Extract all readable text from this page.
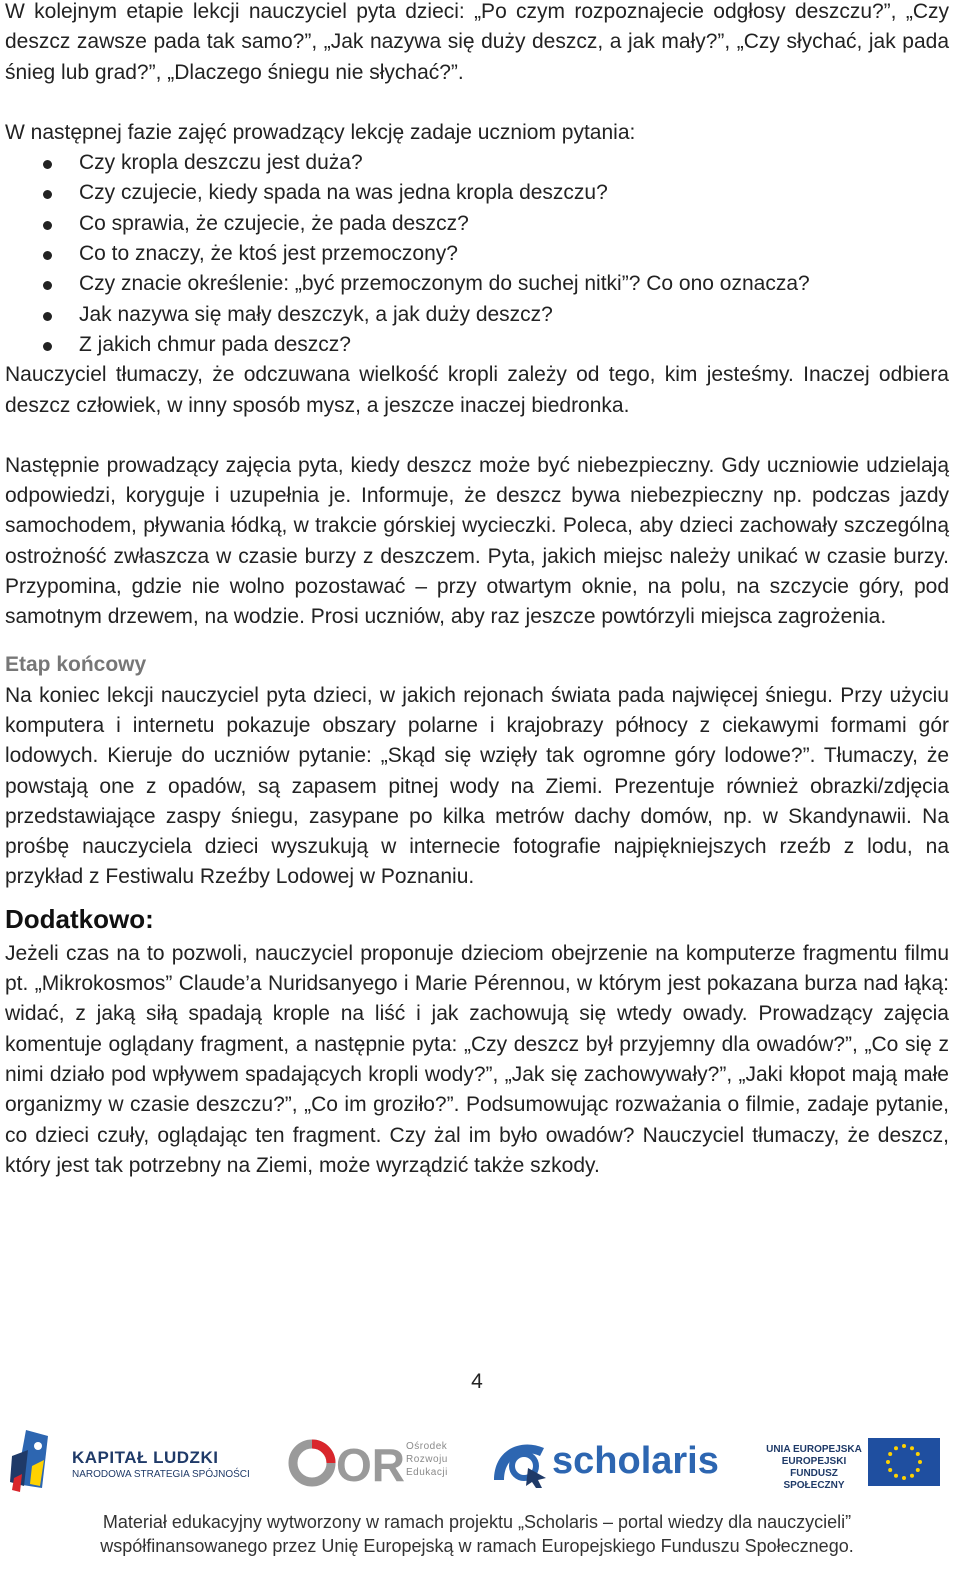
W kolejnym etapie lekcji nauczyciel pyta dzieci: „Po czym rozpoznajecie odgłosy deszczu?”, „Czy deszcz zawsze pada tak samo?”, „Jak nazywa się duży deszcz, a jak mały?”, „Czy słychać, jak pada śnieg lub grad?”, „Dlaczego śniegu nie słychać?”.

W następnej fazie zajęć prowadzący lekcję zadaje uczniom pytania:

Czy kropla deszczu jest duża?
Czy czujecie, kiedy spada na was jedna kropla deszczu?
Co sprawia, że czujecie, że pada deszcz?
Co to znaczy, że ktoś jest przemoczony?
Czy znacie określenie: „być przemoczonym do suchej nitki”? Co ono oznacza?
Jak nazywa się mały deszczyk, a jak duży deszcz?
Z jakich chmur pada deszcz?

Nauczyciel tłumaczy, że odczuwana wielkość kropli zależy od tego, kim jesteśmy. Inaczej odbiera deszcz człowiek, w inny sposób mysz, a jeszcze inaczej biedronka.

Następnie prowadzący zajęcia pyta, kiedy deszcz może być niebezpieczny. Gdy uczniowie udzielają odpowiedzi, koryguje i uzupełnia je. Informuje, że deszcz bywa niebezpieczny np. podczas jazdy samochodem, pływania łódką, w trakcie górskiej wycieczki. Poleca, aby dzieci zachowały szczególną ostrożność zwłaszcza w czasie burzy z deszczem. Pyta, jakich miejsc należy unikać w czasie burzy. Przypomina, gdzie nie wolno pozostawać – przy otwartym oknie, na polu, na szczycie góry, pod samotnym drzewem, na wodzie. Prosi uczniów, aby raz jeszcze powtórzyli miejsca zagrożenia.

Etap końcowy

Na koniec lekcji nauczyciel pyta dzieci, w jakich rejonach świata pada najwięcej śniegu. Przy użyciu komputera i internetu pokazuje obszary polarne i krajobrazy północy z ciekawymi formami gór lodowych. Kieruje do uczniów pytanie: „Skąd się wzięły tak ogromne góry lodowe?”. Tłumaczy, że powstają one z opadów, są zapasem pitnej wody na Ziemi. Prezentuje również obrazki/zdjęcia przedstawiające zaspy śniegu, zasypane po kilka metrów dachy domów, np. w Skandynawii. Na prośbę nauczyciela dzieci wyszukują w internecie fotografie najpiękniejszych rzeźb z lodu, na przykład z Festiwalu Rzeźby Lodowej w Poznaniu.

Dodatkowo:

Jeżeli czas na to pozwoli, nauczyciel proponuje dzieciom obejrzenie na komputerze fragmentu filmu pt. „Mikrokosmos” Claude’a Nuridsanyego i Marie Pérennou, w którym jest pokazana burza nad łąką: widać, z jaką siłą spadają krople na liść i jak zachowują się wtedy owady. Prowadzący zajęcia komentuje oglądany fragment, a następnie pyta: „Czy deszcz był przyjemny dla owadów?”, „Co się z nimi działo pod wpływem spadających kropli wody?”, „Jak się zachowywały?”, „Jaki kłopot mają małe organizmy w czasie deszczu?”, „Co im groziło?”. Podsumowując rozważania o filmie, zadaje pytanie, co dzieci czuły, oglądając ten fragment. Czy żal im było owadów? Nauczyciel tłumaczy, że deszcz, który jest tak potrzebny na Ziemi, może wyrządzić także szkody.

4
KAPITAŁ LUDZKI
NARODOWA STRATEGIA SPÓJNOŚCI OR Ośrodek
Rozwoju
Edukacji	scholaris	UNIA EUROPEJSKA
EUROPEJSKI
FUNDUSZ SPOŁECZNY
Materiał edukacyjny wytworzony w ramach projektu „Scholaris – portal wiedzy dla nauczycieli”
współfinansowanego przez Unię Europejską w ramach Europejskiego Funduszu Społecznego.
